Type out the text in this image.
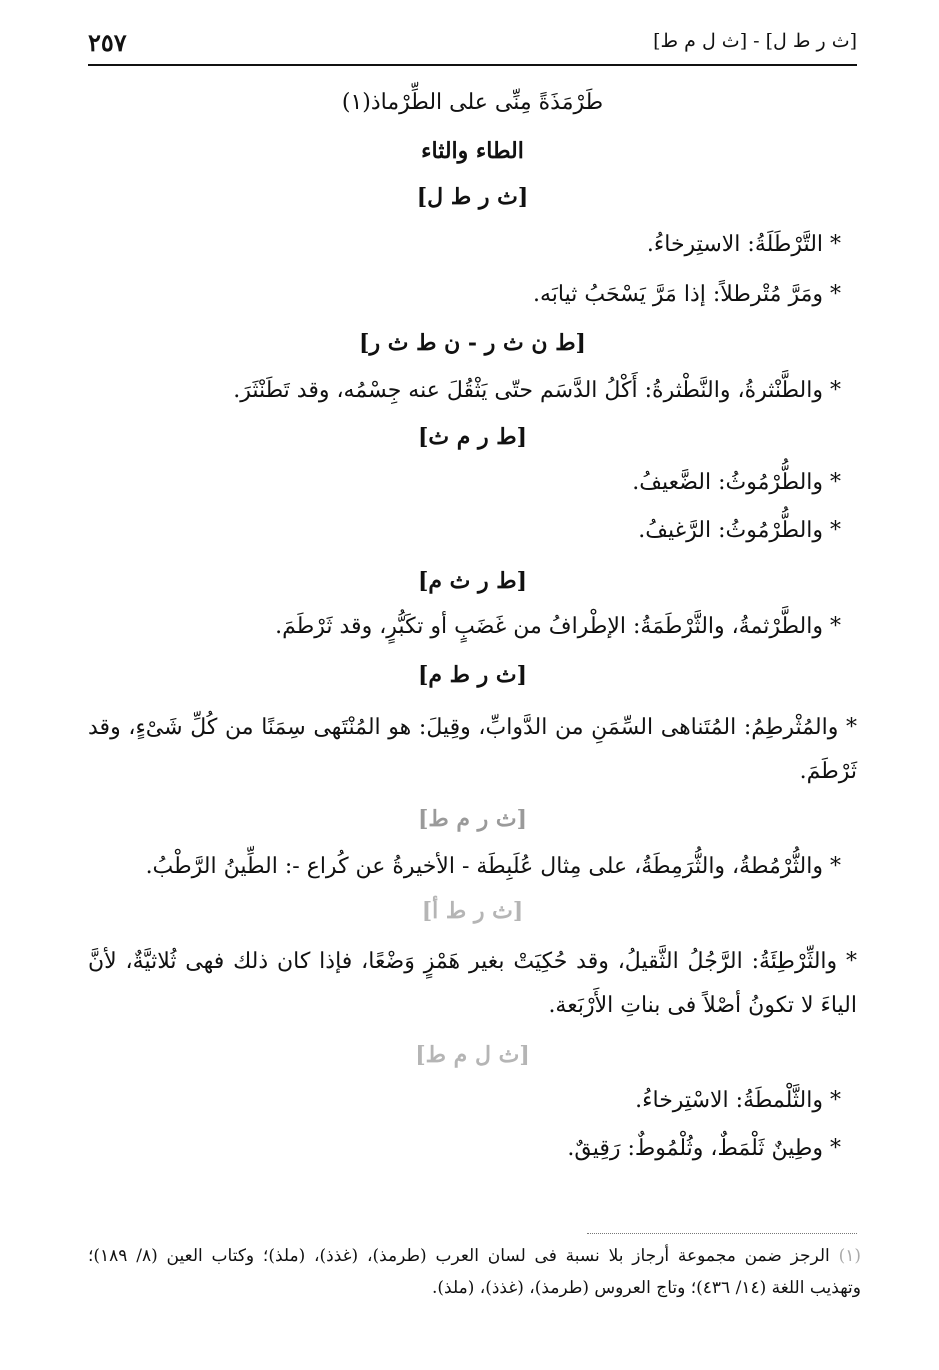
٢٥٧	[ث ر ط ل] - [ث ل م ط]
طَرْمَذَةً مِنِّى على الطِّرْماذ(١)
الطاء والثاء
[ث ر ط ل]
* التَّرْطَلَةُ: الاستِرخاءُ.
* ومَرَّ مُتْرطلاً: إذا مَرَّ يَسْحَبُ ثيابَه.
[ط ن ث ر - ن ط ث ر]
* والطَّنْثرةُ، والنَّطْثرةُ: أَكْلُ الدَّسَم حتّى يَثْقُلَ عنه جِسْمُه، وقد تَطَنْثَرَ.
[ط ر م ث]
* والطُّرْمُوثُ: الضَّعيفُ.
* والطُّرْمُوثُ: الرَّغيفُ.
[ط ر ث م]
* والطَّرْثمةُ، والثَّرْطَمَةُ: الإطْرافُ من غَضَبٍ أو تكَبُّرٍ، وقد ثَرْطَمَ.
[ث ر ط م]
* والمُثْرطِمُ: المُتَناهى السِّمَنِ من الدَّوابِّ، وقِيلَ: هو المُنْتَهى سِمَنًا من كُلِّ شَىْءٍ، وقد ثَرْطَمَ.
[ث ر م ط]
* والثُّرْمُطةُ، والثُّرَمِطَةُ، على مِثال عُلَبِطَة - الأخيرةُ عن كُراع -: الطِّينُ الرَّطْبُ.
[ث ر ط أ]
* والثِّرْطِئَةُ: الرَّجُلُ الثَّقيلُ، وقد حُكِيَتْ بغير هَمْزٍ وَضْعًا، فإذا كان ذلك فهى ثُلاثيَّةٌ، لأنَّ الياءَ لا تكونُ أصْلاً فى بناتِ الأَرْبَعة.
[ث ل م ط]
* والثَّلْمطَةُ: الاسْتِرخاءُ.
* وطِينٌ ثَلْمَطٌ، وثُلْمُوطٌ: رَقِيقٌ.
(١) الرجز ضمن مجموعة أرجاز بلا نسبة فى لسان العرب (طرمذ)، (غذذ)، (ملذ)؛ وكتاب العين (٨/ ١٨٩)؛ وتهذيب اللغة (١٤/ ٤٣٦)؛ وتاج العروس (طرمذ)، (غذذ)، (ملذ).
